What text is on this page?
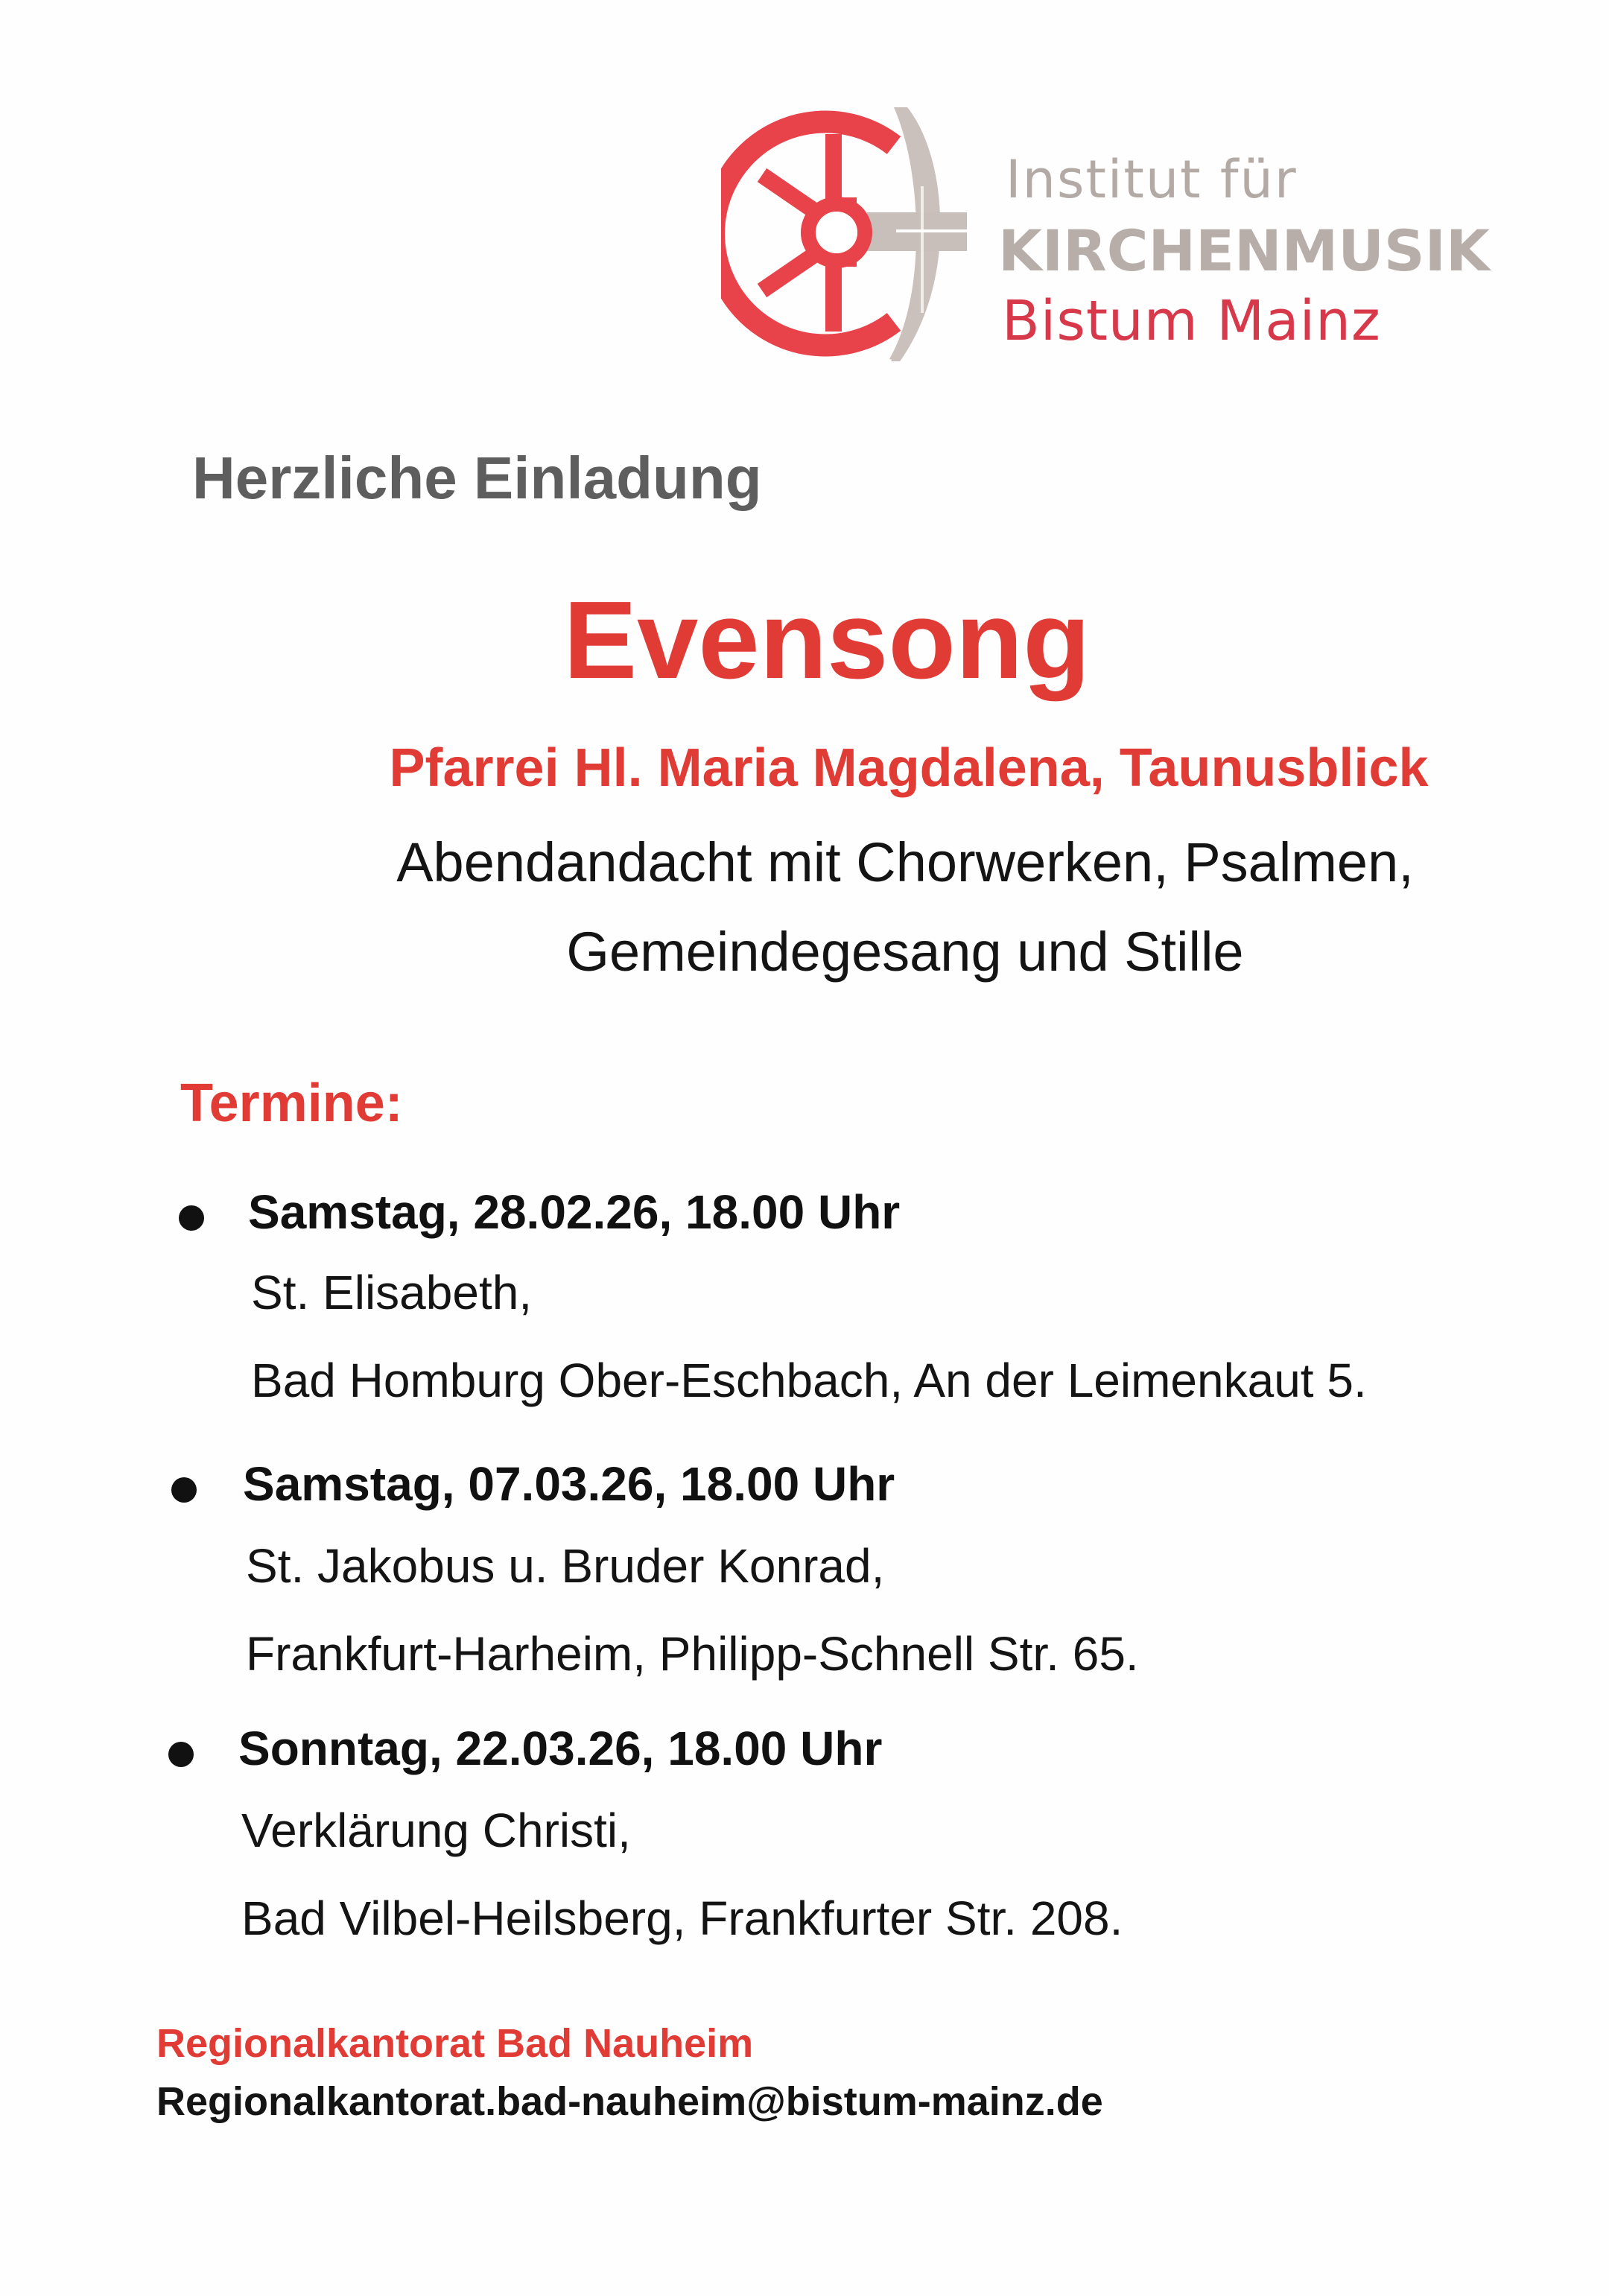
Institut für
KIRCHENMUSIK
Bistum Mainz
Herzliche Einladung
Evensong
Pfarrei Hl. Maria Magdalena, Taunusblick
Abendandacht mit Chorwerken, Psalmen,
Gemeindegesang und Stille
Termine:
Samstag, 28.02.26, 18.00 Uhr
St. Elisabeth,
Bad Homburg Ober-Eschbach, An der Leimenkaut 5.
Samstag, 07.03.26, 18.00 Uhr
St. Jakobus u. Bruder Konrad,
Frankfurt-Harheim, Philipp-Schnell Str. 65.
Sonntag, 22.03.26, 18.00 Uhr
Verklärung Christi,
Bad Vilbel-Heilsberg, Frankfurter Str. 208.
Regionalkantorat Bad Nauheim
Regionalkantorat.bad-nauheim@bistum-mainz.de
